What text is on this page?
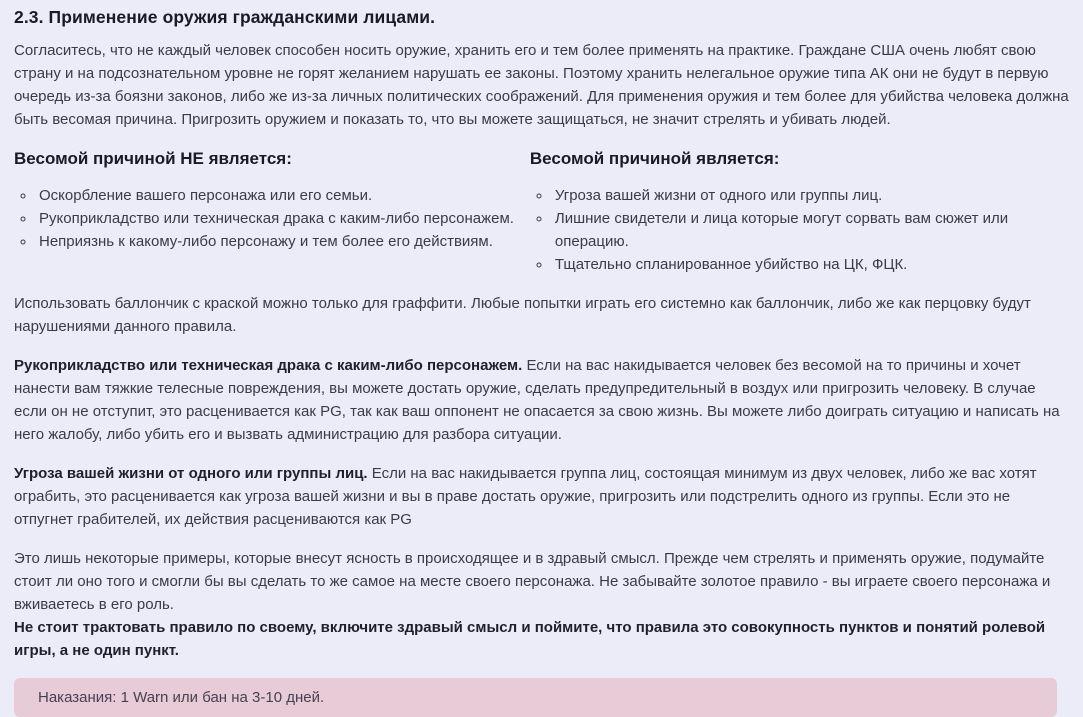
2.3. Применение оружия гражданскими лицами.

Согласитесь, что не каждый человек способен носить оружие, хранить его и тем более применять на практике. Граждане США очень любят свою страну и на подсознательном уровне не горят желанием нарушать ее законы. Поэтому хранить нелегальное оружие типа АК они не будут в первую очередь из-за боязни законов, либо же из-за личных политических соображений. Для применения оружия и тем более для убийства человека должна быть весомая причина. Пригрозить оружием и показать то, что вы можете защищаться, не значит стрелять и убивать людей.

Весомой причиной НЕ является:
◦ Оскорбление вашего персонажа или его семьи.
◦ Рукоприкладство или техническая драка с каким-либо персонажем.
◦ Неприязнь к какому-либо персонажу и тем более его действиям.
Весомой причиной является:
◦ Угроза вашей жизни от одного или группы лиц.
◦ Лишние свидетели и лица которые могут сорвать вам сюжет или операцию.
◦ Тщательно спланированное убийство на ЦК, ФЦК.

Использовать баллончик с краской можно только для граффити. Любые попытки играть его системно как баллончик, либо же как перцовку будут нарушениями данного правила.

Рукоприкладство или техническая драка с каким-либо персонажем. Если на вас накидывается человек без весомой на то причины и хочет нанести вам тяжкие телесные повреждения, вы можете достать оружие, сделать предупредительный в воздух или пригрозить человеку. В случае если он не отступит, это расценивается как PG, так как ваш оппонент не опасается за свою жизнь. Вы можете либо доиграть ситуацию и написать на него жалобу, либо убить его и вызвать администрацию для разбора ситуации.

Угроза вашей жизни от одного или группы лиц. Если на вас накидывается группа лиц, состоящая минимум из двух человек, либо же вас хотят ограбить, это расценивается как угроза вашей жизни и вы в праве достать оружие, пригрозить или подстрелить одного из группы. Если это не отпугнет грабителей, их действия расцениваются как PG

Это лишь некоторые примеры, которые внесут ясность в происходящее и в здравый смысл. Прежде чем стрелять и применять оружие, подумайте стоит ли оно того и смогли бы вы сделать то же самое на месте своего персонажа. Не забывайте золотое правило - вы играете своего персонажа и вживаетесь в его роль.
Не стоит трактовать правило по своему, включите здравый смысл и поймите, что правила это совокупность пунктов и понятий ролевой игры, а не один пункт.

Наказания: 1 Warn или бан на 3-10 дней.
